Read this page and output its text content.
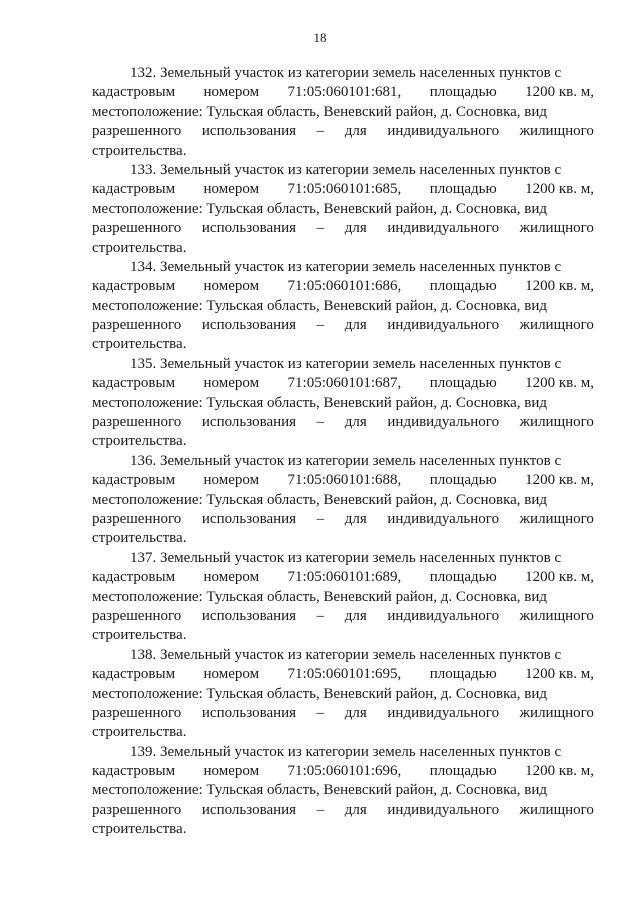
18
132. Земельный участок из категории земель населенных пунктов с
кадастровым номером 71:05:060101:681, площадью 1200 кв. м,
местоположение: Тульская область, Веневский район, д. Сосновка, вид
разрешенного использования – для индивидуального жилищного
строительства.
133. Земельный участок из категории земель населенных пунктов с
кадастровым номером 71:05:060101:685, площадью 1200 кв. м,
местоположение: Тульская область, Веневский район, д. Сосновка, вид
разрешенного использования – для индивидуального жилищного
строительства.
134. Земельный участок из категории земель населенных пунктов с
кадастровым номером 71:05:060101:686, площадью 1200 кв. м,
местоположение: Тульская область, Веневский район, д. Сосновка, вид
разрешенного использования – для индивидуального жилищного
строительства.
135. Земельный участок из категории земель населенных пунктов с
кадастровым номером 71:05:060101:687, площадью 1200 кв. м,
местоположение: Тульская область, Веневский район, д. Сосновка, вид
разрешенного использования – для индивидуального жилищного
строительства.
136. Земельный участок из категории земель населенных пунктов с
кадастровым номером 71:05:060101:688, площадью 1200 кв. м,
местоположение: Тульская область, Веневский район, д. Сосновка, вид
разрешенного использования – для индивидуального жилищного
строительства.
137. Земельный участок из категории земель населенных пунктов с
кадастровым номером 71:05:060101:689, площадью 1200 кв. м,
местоположение: Тульская область, Веневский район, д. Сосновка, вид
разрешенного использования – для индивидуального жилищного
строительства.
138. Земельный участок из категории земель населенных пунктов с
кадастровым номером 71:05:060101:695, площадью 1200 кв. м,
местоположение: Тульская область, Веневский район, д. Сосновка, вид
разрешенного использования – для индивидуального жилищного
строительства.
139. Земельный участок из категории земель населенных пунктов с
кадастровым номером 71:05:060101:696, площадью 1200 кв. м,
местоположение: Тульская область, Веневский район, д. Сосновка, вид
разрешенного использования – для индивидуального жилищного
строительства.
